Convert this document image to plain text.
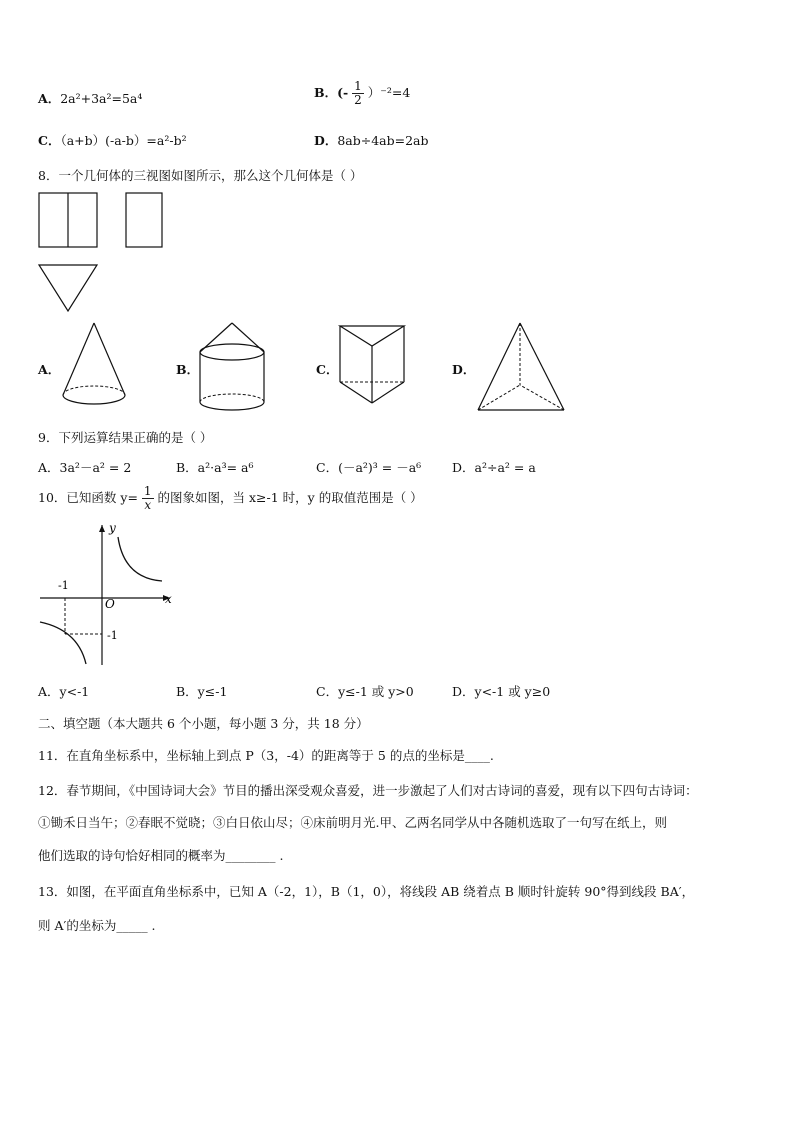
A．2a²+3a²=5a⁴	B．(- $\frac{1}{2} )^{-2}=4$
C．（a+b）(-a-b）=a²-b²	D．8ab÷4ab=2ab
8．一个几何体的三视图如图所示，那么这个几何体是（ ）
A．	B．	C．	D．
9．下列运算结果正确的是（ ）
A．3a²－a² = 2	B．a²·a³= a⁶	C．(－a²)³ = －a⁶ D．a²÷a² = a
10．已知函数 $y= \frac{1}{x}$ 的图象如图，当 x≥-1 时，y 的取值范围是（ ）
y
x
O
-1
-1
A．y<-1	B．y≤-1	C．y≤-1 或 y>0	D．y<-1 或 y≥0
二、填空题（本大题共 6 个小题，每小题 3 分，共 18 分）
11．在直角坐标系中，坐标轴上到点 P（3，-4）的距离等于 5 的点的坐标是____.
12．春节期间，《中国诗词大会》节目的播出深受观众喜爱，进一步激起了人们对古诗词的喜爱，现有以下四句古诗词：
①锄禾日当午；②春眠不觉晓；③白日依山尽；④床前明月光.甲、乙两名同学从中各随机选取了一句写在纸上，则
他们选取的诗句恰好相同的概率为________ .
13．如图，在平面直角坐标系中，已知 A（-2，1），B（1，0），将线段 AB 绕着点 B 顺时针旋转 90°得到线段 BA′，
则 A′的坐标为_____ .
